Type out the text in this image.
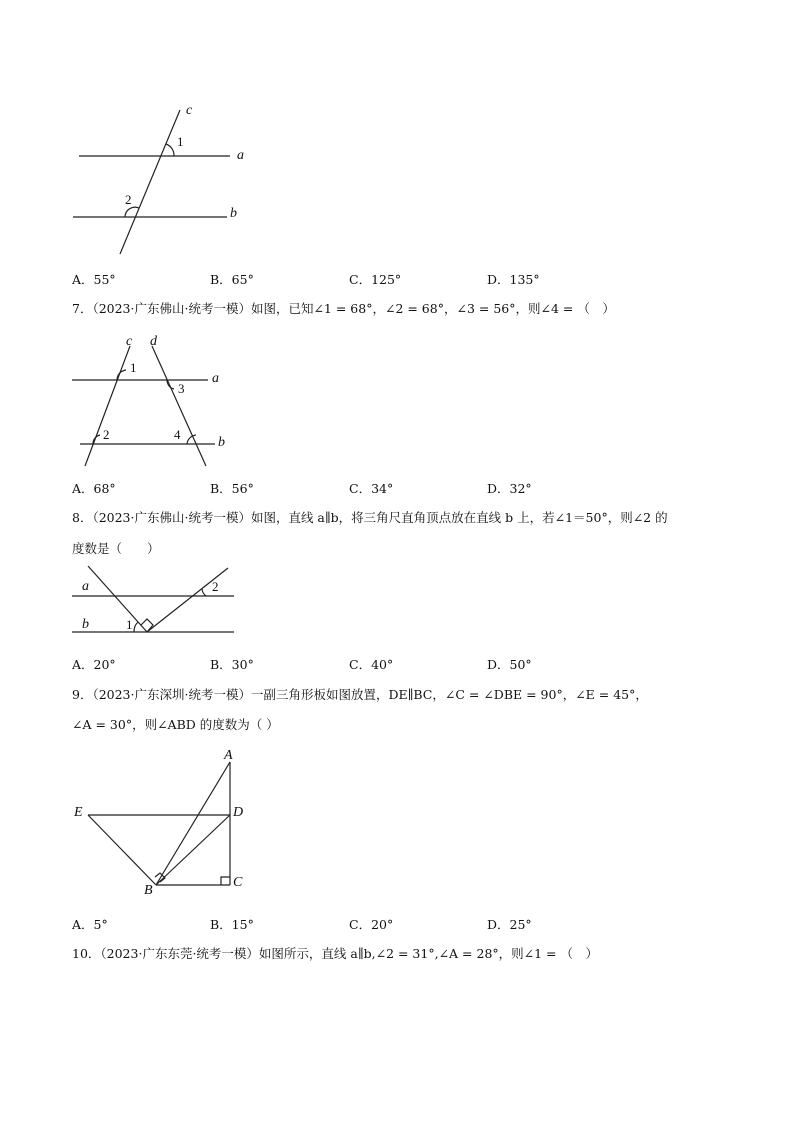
c
a
b
1
2
A．55°	B．65°	C．125°	D．135°
7．（2023·广东佛山·统考一模）如图，已知∠1 = 68°，∠2 = 68°，∠3 = 56°，则∠4 = （　）
c d
a
b
1
3
2	4
A．68°	B．56°	C．34°	D．32°
8．（2023·广东佛山·统考一模）如图，直线 a∥b，将三角尺直角顶点放在直线 b 上，若∠1＝50°，则∠2 的
度数是（　　）
a
b	1
2
A．20°	B．30°	C．40°	D．50°
9．（2023·广东深圳·统考一模）一副三角形板如图放置，DE∥BC，∠C = ∠DBE = 90°，∠E = 45°，
∠A = 30°，则∠ABD 的度数为（ ）
A
E	D
B
C
A．5°	B．15°	C．20°	D．25°
10．（2023·广东东莞·统考一模）如图所示，直线 a∥b,∠2 = 31°,∠A = 28°，则∠1 = （　）
